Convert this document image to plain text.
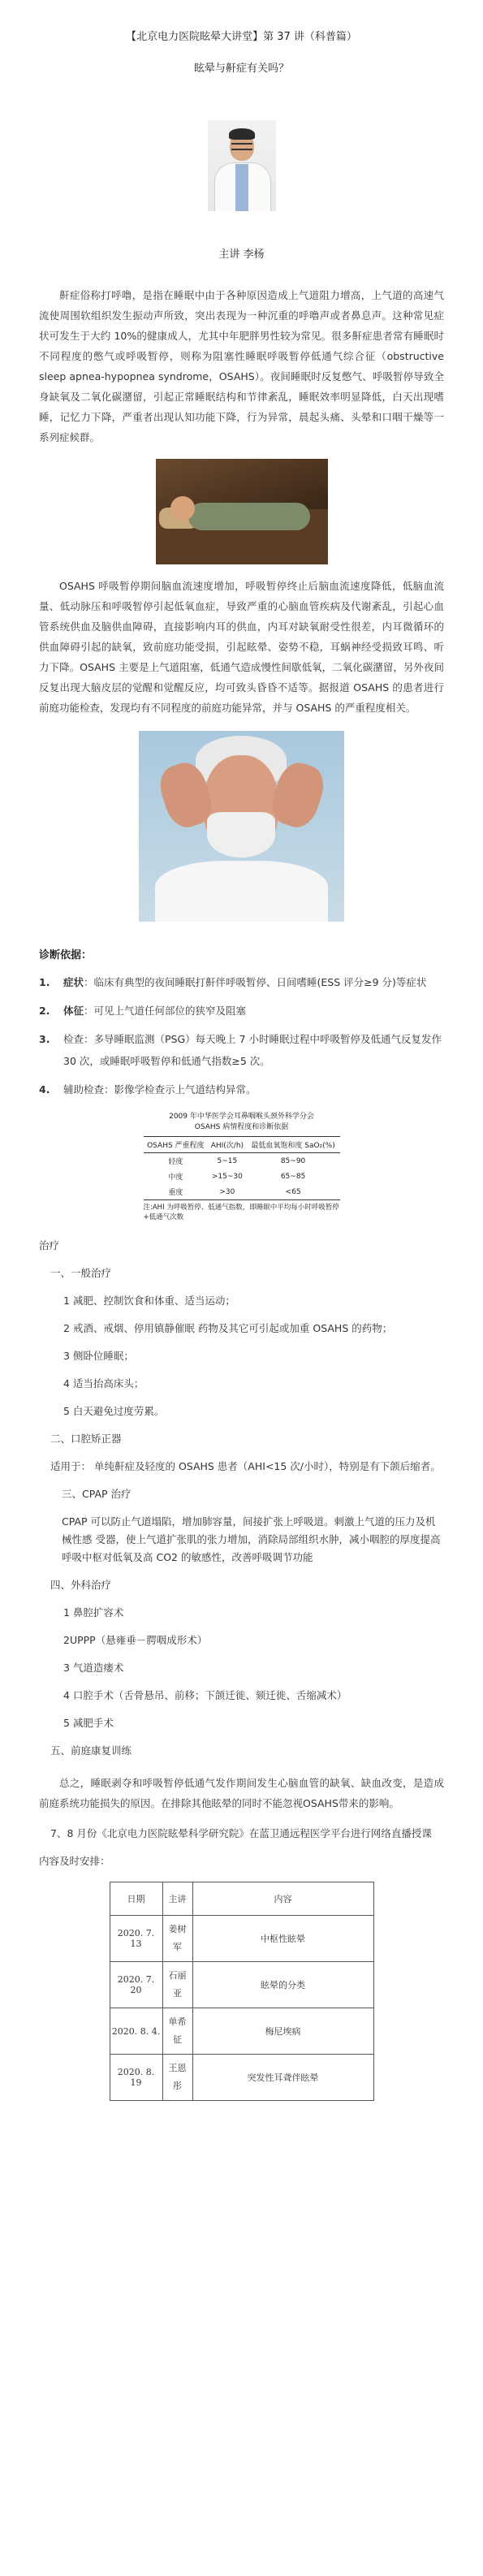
【北京电力医院眩晕大讲堂】第 37 讲（科普篇）

眩晕与鼾症有关吗？

主讲 李杨

鼾症俗称打呼噜，是指在睡眠中由于各种原因造成上气道阻力增高，上气道的高速气流使周围软组织发生振动声所致，突出表现为一种沉重的呼噜声或者鼻息声。这种常见症状可发生于大约 10%的健康成人，尤其中年肥胖男性较为常见。很多鼾症患者常有睡眠时不同程度的憋气或呼吸暂停，则称为阻塞性睡眠呼吸暂停低通气综合征（obstructive sleep apnea-hypopnea syndrome，OSAHS）。夜间睡眠时反复憋气、呼吸暂停导致全身缺氧及二氧化碳潴留，引起正常睡眠结构和节律紊乱，睡眠效率明显降低，白天出现嗜睡，记忆力下降，严重者出现认知功能下降，行为异常，晨起头痛、头晕和口咽干燥等一系列症候群。

OSAHS 呼吸暂停期间脑血流速度增加，呼吸暂停终止后脑血流速度降低，低脑血流量、低动脉压和呼吸暂停引起低氧血症，导致严重的心脑血管疾病及代谢紊乱，引起心血管系统供血及脑供血障碍，直接影响内耳的供血，内耳对缺氧耐受性很差，内耳微循环的供血障碍引起的缺氧，致前庭功能受损，引起眩晕、姿势不稳，耳蜗神经受损致耳鸣、听力下降。OSAHS 主要是上气道阻塞，低通气造成慢性间歇低氧，二氧化碳潴留，另外夜间反复出现大脑皮层的觉醒和觉醒反应，均可致头昏昏不适等。据报道 OSAHS 的患者进行前庭功能检查，发现均有不同程度的前庭功能异常，并与 OSAHS 的严重程度相关。

诊断依据：

1. 症状：临床有典型的夜间睡眠打鼾伴呼吸暂停、日间嗜睡(ESS 评分≥9 分)等症状
2. 体征：可见上气道任何部位的狭窄及阻塞
3. 检查：多导睡眠监测（PSG）每天晚上 7 小时睡眠过程中呼吸暂停及低通气反复发作 30 次，或睡眠呼吸暂停和低通气指数≥5 次。
4. 辅助检查：影像学检查示上气道结构异常。
2009 年中华医学会耳鼻咽喉头颈外科学分会
OSAHS 病情程度和诊断依据
OSAHS 严重程度	AHI(次/h)	最低血氧饱和度 SaO₂(%)
轻度	5~15	85~90
中度	>15~30	65~85
重度	>30	<65
注:AHI 为呼吸暂停、低通气指数，即睡眠中平均每小时呼吸暂停+低通气次数

治疗

一、一般治疗

1 减肥、控制饮食和体重、适当运动；

2 戒酒、戒烟、停用镇静催眠 药物及其它可引起或加重 OSAHS 的药物；

3 侧卧位睡眠；

4 适当抬高床头；

5 白天避免过度劳累。

二、口腔矫正器

适用于： 单纯鼾症及轻度的 OSAHS 患者（AHI<15 次/小时），特别是有下颌后缩者。

三、CPAP 治疗

CPAP 可以防止气道塌陷，增加肺容量，间接扩张上呼吸道。刺激上气道的压力及机械性感 受器，使上气道扩张肌的张力增加，消除局部组织水肿，减小咽腔的厚度提高呼吸中枢对低氧及高 CO2 的敏感性，改善呼吸调节功能

四、外科治疗

1 鼻腔扩容术

2UPPP（悬雍垂－腭咽成形术）

3 气道造瘘术

4 口腔手术（舌骨悬吊、前移；下颌迁徙、颏迁徙、舌缩减术）

5 减肥手术

五、前庭康复训练

总之，睡眠剥夺和呼吸暂停低通气发作期间发生心脑血管的缺氧、缺血改变，是造成前庭系统功能损失的原因。在排除其他眩晕的同时不能忽视OSAHS带来的影响。

7、8 月份《北京电力医院眩晕科学研究院》在蓝卫通远程医学平台进行网络直播授课

内容及时安排：

日期	主讲	内容
2020. 7. 13	姜树军	中枢性眩晕
2020. 7. 20	石丽亚	眩晕的分类
2020. 8. 4.	单希征	梅尼埃病
2020. 8. 19	王恩彤	突发性耳聋伴眩晕
